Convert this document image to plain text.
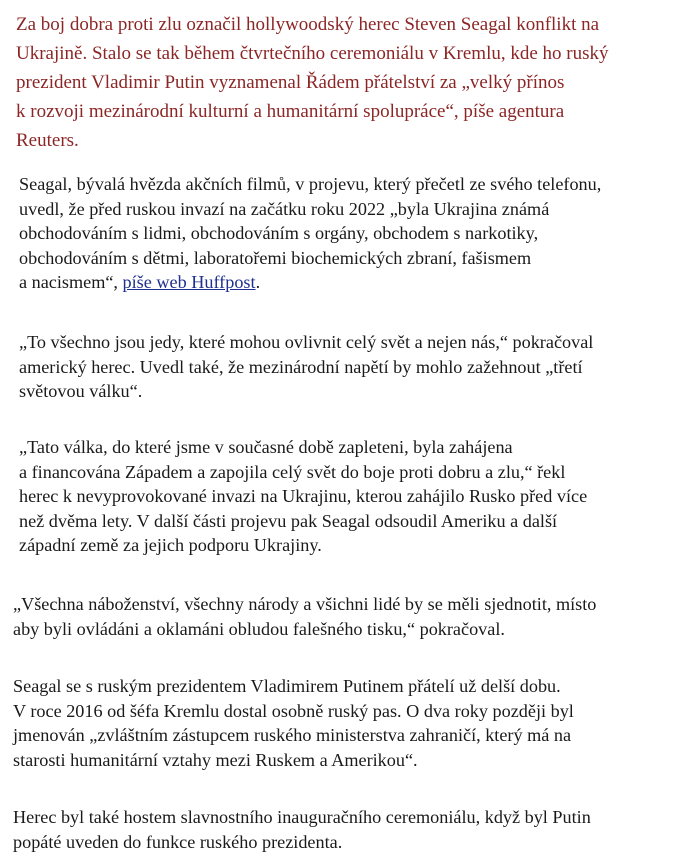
Za boj dobra proti zlu označil hollywoodský herec Steven Seagal konflikt na
Ukrajině. Stalo se tak během čtvrtečního ceremoniálu v Kremlu, kde ho ruský
prezident Vladimir Putin vyznamenal Řádem přátelství za „velký přínos
k rozvoji mezinárodní kulturní a humanitární spolupráce“, píše agentura
Reuters.

Seagal, bývalá hvězda akčních filmů, v projevu, který přečetl ze svého telefonu,
uvedl, že před ruskou invazí na začátku roku 2022 „byla Ukrajina známá
obchodováním s lidmi, obchodováním s orgány, obchodem s narkotiky,
obchodováním s dětmi, laboratořemi biochemických zbraní, fašismem
a nacismem“, píše web Huffpost.

„To všechno jsou jedy, které mohou ovlivnit celý svět a nejen nás,“ pokračoval
americký herec. Uvedl také, že mezinárodní napětí by mohlo zažehnout „třetí
světovou válku“.

„Tato válka, do které jsme v současné době zapleteni, byla zahájena
a financována Západem a zapojila celý svět do boje proti dobru a zlu,“ řekl
herec k nevyprovokované invazi na Ukrajinu, kterou zahájilo Rusko před více
než dvěma lety. V další části projevu pak Seagal odsoudil Ameriku a další
západní země za jejich podporu Ukrajiny.

„Všechna náboženství, všechny národy a všichni lidé by se měli sjednotit, místo
aby byli ovládáni a oklamáni obludou falešného tisku,“ pokračoval.

Seagal se s ruským prezidentem Vladimirem Putinem přátelí už delší dobu.
V roce 2016 od šéfa Kremlu dostal osobně ruský pas. O dva roky později byl
jmenován „zvláštním zástupcem ruského ministerstva zahraničí, který má na
starosti humanitární vztahy mezi Ruskem a Amerikou“.

Herec byl také hostem slavnostního inauguračního ceremoniálu, když byl Putin
popáté uveden do funkce ruského prezidenta.
